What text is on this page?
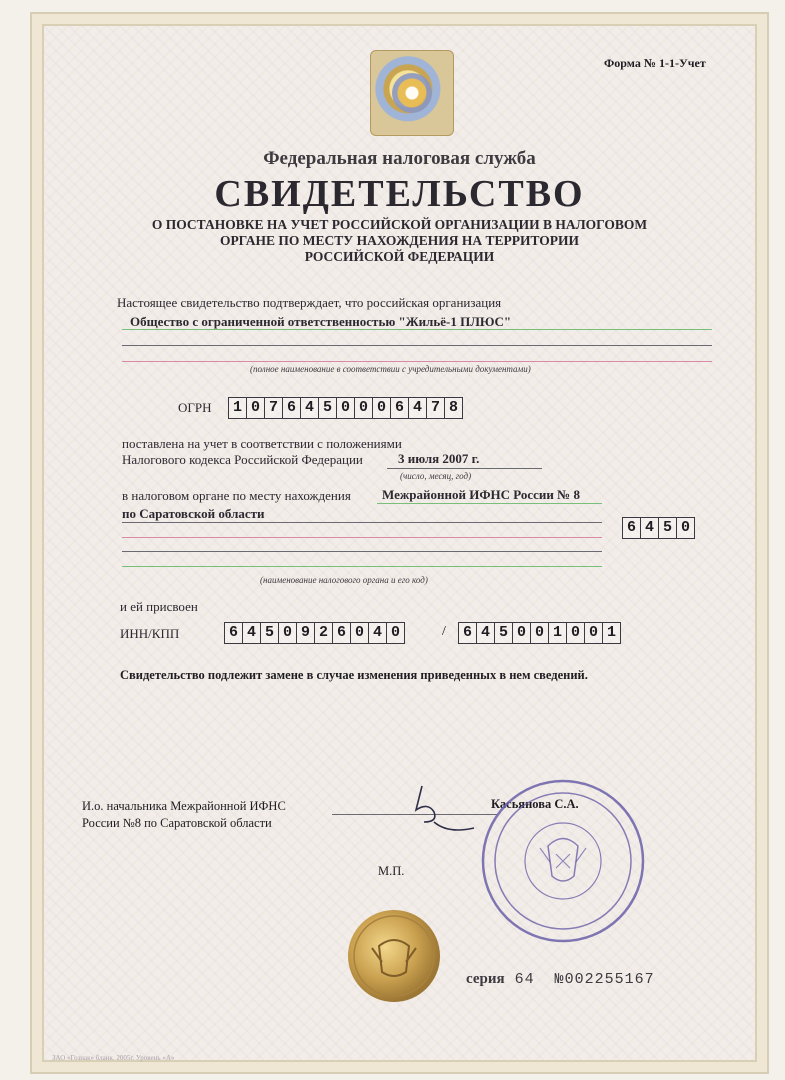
Форма № 1-1-Учет
Федеральная налоговая служба
СВИДЕТЕЛЬСТВО
О ПОСТАНОВКЕ НА УЧЕТ РОССИЙСКОЙ ОРГАНИЗАЦИИ В НАЛОГОВОМ
ОРГАНЕ ПО МЕСТУ НАХОЖДЕНИЯ НА ТЕРРИТОРИИ
РОССИЙСКОЙ ФЕДЕРАЦИИ
Настоящее свидетельство подтверждает, что российская организация
Общество с ограниченной ответственностью "Жильё-1 ПЛЮС"
(полное наименование в соответствии с учредительными документами)
ОГРН 1 0 7 6 4 5 0 0 0 6 4 7 8
поставлена на учет в соответствии с положениями
Налогового кодекса Российской Федерации	3 июля 2007 г.
(число, месяц, год)
в налоговом органе по месту нахождения Межрайонной ИФНС России № 8
по Саратовской области
6 4 5 0
(наименование налогового органа и его код)
и ей присвоен
ИНН/КПП	6 4 5 0 9 2 6 0 4 0	/ 6 4 5 0 0 1 0 0 1
Свидетельство подлежит замене в случае изменения приведенных в нем сведений.
И.о. начальника Межрайонной ИФНС
России №8 по Саратовской области
Касьянова С.А.
М.П.
серия 64 №002255167
ЗАО «Гознак» бланк. 2005г. Уровень «А»
